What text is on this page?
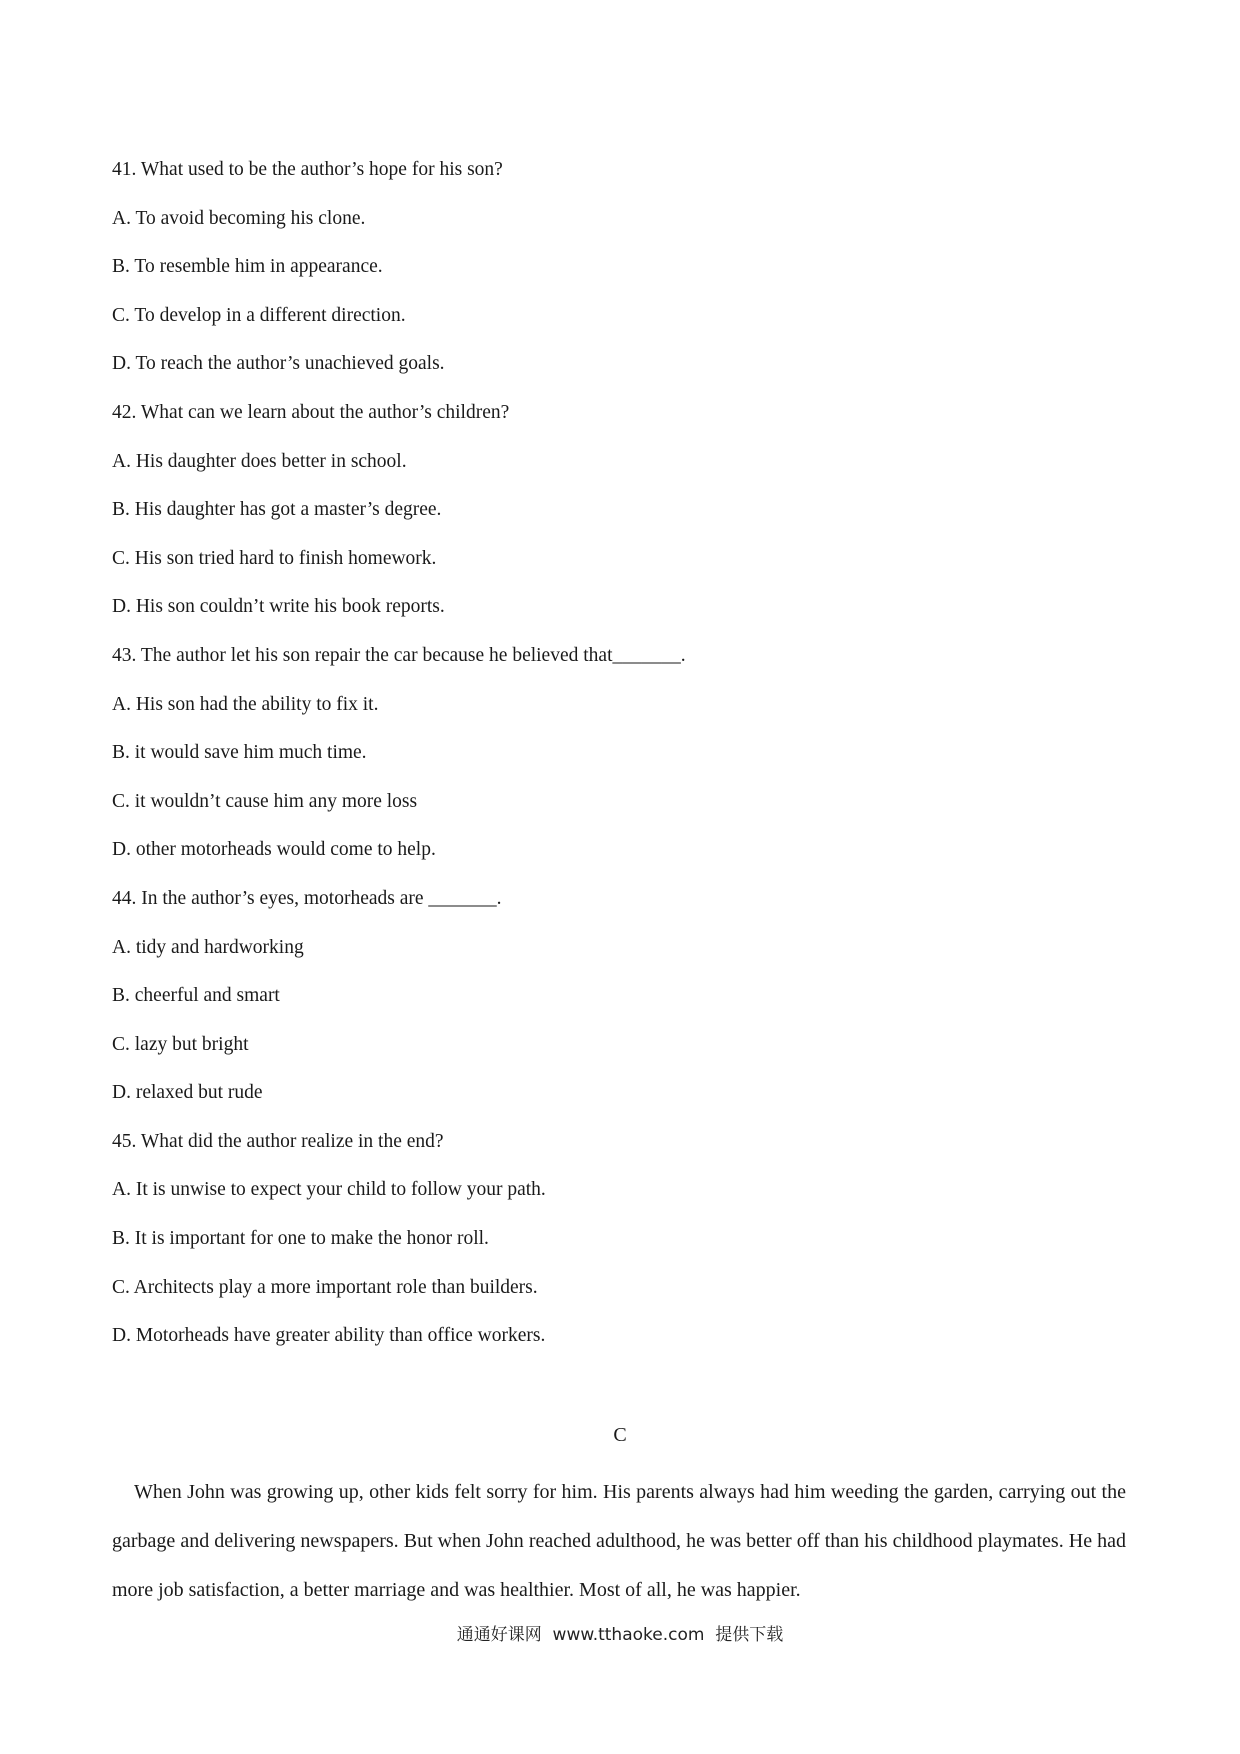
41. What used to be the author’s hope for his son?
A. To avoid becoming his clone.
B. To resemble him in appearance.
C. To develop in a different direction.
D. To reach the author’s unachieved goals.
42. What can we learn about the author’s children?
A. His daughter does better in school.
B. His daughter has got a master’s degree.
C. His son tried hard to finish homework.
D. His son couldn’t write his book reports.
43. The author let his son repair the car because he believed that_______.
A. His son had the ability to fix it.
B. it would save him much time.
C. it wouldn’t cause him any more loss
D. other motorheads would come to help.
44. In the author’s eyes, motorheads are _______.
A. tidy and hardworking
B. cheerful and smart
C. lazy but bright
D. relaxed but rude
45. What did the author realize in the end?
A. It is unwise to expect your child to follow your path.
B. It is important for one to make the honor roll.
C. Architects play a more important role than builders.
D. Motorheads have greater ability than office workers.
C

When John was growing up, other kids felt sorry for him. His parents always had him weeding the garden, carrying out the garbage and delivering newspapers. But when John reached adulthood, he was better off than his childhood playmates. He had more job satisfaction, a better marriage and was healthier. Most of all, he was happier.

通通好课网  www.tthaoke.com  提供下载
